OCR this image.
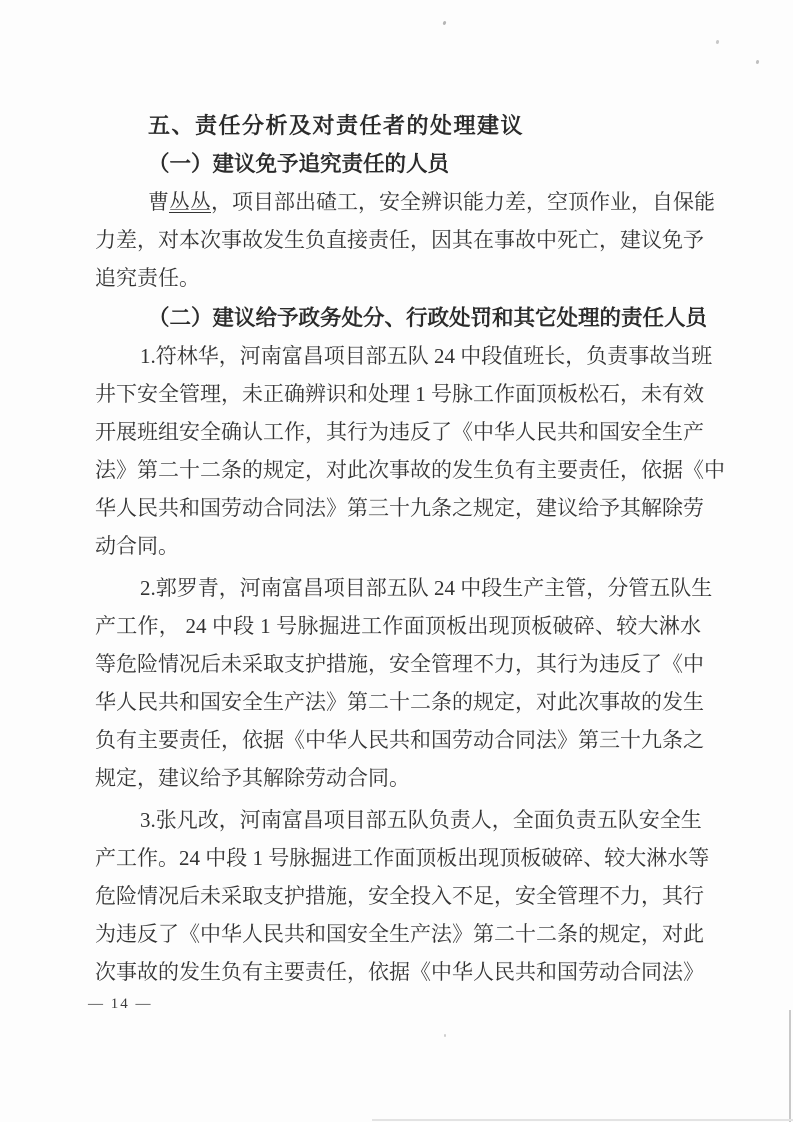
五、责任分析及对责任者的处理建议
（一）建议免予追究责任的人员

曹丛丛，项目部出碴工，安全辨识能力差，空顶作业，自保能

力差，对本次事故发生负直接责任，因其在事故中死亡，建议免予

追究责任。

（二）建议给予政务处分、行政处罚和其它处理的责任人员

1.符林华，河南富昌项目部五队 24 中段值班长，负责事故当班

井下安全管理，未正确辨识和处理 1 号脉工作面顶板松石，未有效

开展班组安全确认工作，其行为违反了《中华人民共和国安全生产

法》第二十二条的规定，对此次事故的发生负有主要责任，依据《中

华人民共和国劳动合同法》第三十九条之规定，建议给予其解除劳

动合同。

2.郭罗青，河南富昌项目部五队 24 中段生产主管，分管五队生

产工作， 24 中段 1 号脉掘进工作面顶板出现顶板破碎、较大淋水

等危险情况后未采取支护措施，安全管理不力，其行为违反了《中

华人民共和国安全生产法》第二十二条的规定，对此次事故的发生

负有主要责任，依据《中华人民共和国劳动合同法》第三十九条之

规定，建议给予其解除劳动合同。

3.张凡改，河南富昌项目部五队负责人，全面负责五队安全生

产工作。24 中段 1 号脉掘进工作面顶板出现顶板破碎、较大淋水等

危险情况后未采取支护措施，安全投入不足，安全管理不力，其行

为违反了《中华人民共和国安全生产法》第二十二条的规定，对此

次事故的发生负有主要责任，依据《中华人民共和国劳动合同法》

— 14 —
